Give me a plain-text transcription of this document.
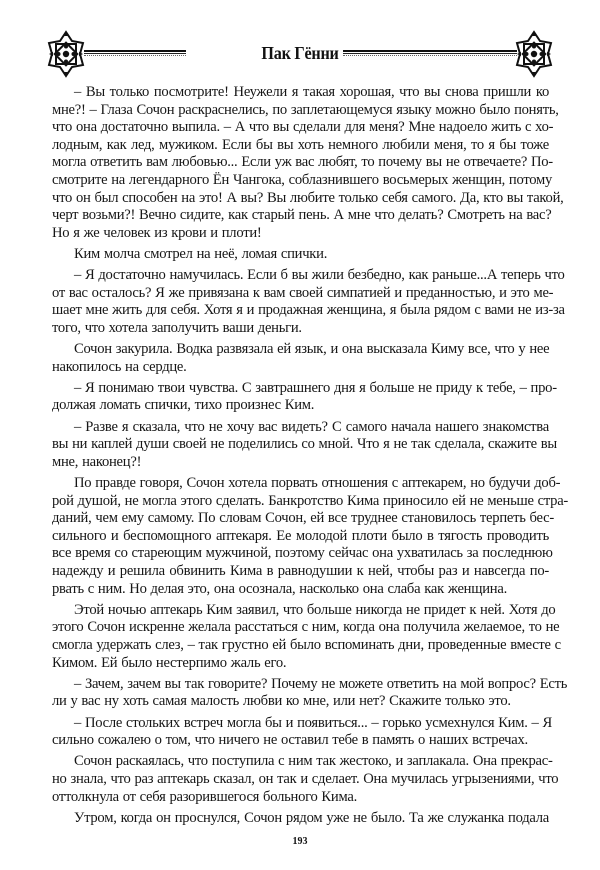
Пак Гённи
– Вы только посмотрите! Неужели я такая хорошая, что вы снова пришли ко
мне?! – Глаза Сочон раскраснелись, по заплетающемуся языку можно было понять,
что она достаточно выпила. – А что вы сделали для меня? Мне надоело жить с хо-
лодным, как лед, мужиком. Если бы вы хоть немного любили меня, то я бы тоже
могла ответить вам любовью... Если уж вас любят, то почему вы не отвечаете? По-
смотрите на легендарного Ён Чангока, соблазнившего восьмерых женщин, потому
что он был способен на это! А вы? Вы любите только себя самого. Да, кто вы такой,
черт возьми?! Вечно сидите, как старый пень. А мне что делать? Смотреть на вас?
Но я же человек из крови и плоти!
Ким молча смотрел на неё, ломая спички.
– Я достаточно намучилась. Если б вы жили безбедно, как раньше...А теперь что
от вас осталось? Я же привязана к вам своей симпатией и преданностью, и это ме-
шает мне жить для себя. Хотя я и продажная женщина, я была рядом с вами не из-за
того, что хотела заполучить ваши деньги.
Сочон закурила. Водка развязала ей язык, и она высказала Киму все, что у нее
накопилось на сердце.
– Я понимаю твои чувства. С завтрашнего дня я больше не приду к тебе, – про-
должая ломать спички, тихо произнес Ким.
– Разве я сказала, что не хочу вас видеть? С самого начала нашего знакомства
вы ни каплей души своей не поделились со мной. Что я не так сделала, скажите вы
мне, наконец?!
По правде говоря, Сочон хотела порвать отношения с аптекарем, но будучи доб-
рой душой, не могла этого сделать. Банкротство Кима приносило ей не меньше стра-
даний, чем ему самому. По словам Сочон, ей все труднее становилось терпеть бес-
сильного и беспомощного аптекаря. Ее молодой плоти было в тягость проводить
все время со стареющим мужчиной, поэтому сейчас она ухватилась за последнюю
надежду и решила обвинить Кима в равнодушии к ней, чтобы раз и навсегда по-
рвать с ним. Но делая это, она осознала, насколько она слаба как женщина.
Этой ночью аптекарь Ким заявил, что больше никогда не придет к ней. Хотя до
этого Сочон искренне желала расстаться с ним, когда она получила желаемое, то не
смогла удержать слез, – так грустно ей было вспоминать дни, проведенные вместе с
Кимом. Ей было нестерпимо жаль его.
– Зачем, зачем вы так говорите? Почему не можете ответить на мой вопрос? Есть
ли у вас ну хоть самая малость любви ко мне, или нет? Скажите только это.
– После стольких встреч могла бы и появиться... – горько усмехнулся Ким. – Я
сильно сожалею о том, что ничего не оставил тебе в память о наших встречах.
Сочон раскаялась, что поступила с ним так жестоко, и заплакала. Она прекрас-
но знала, что раз аптекарь сказал, он так и сделает. Она мучилась угрызениями, что
оттолкнула от себя разорившегося больного Кима.
Утром, когда он проснулся, Сочон рядом уже не было. Та же служанка подала
193
